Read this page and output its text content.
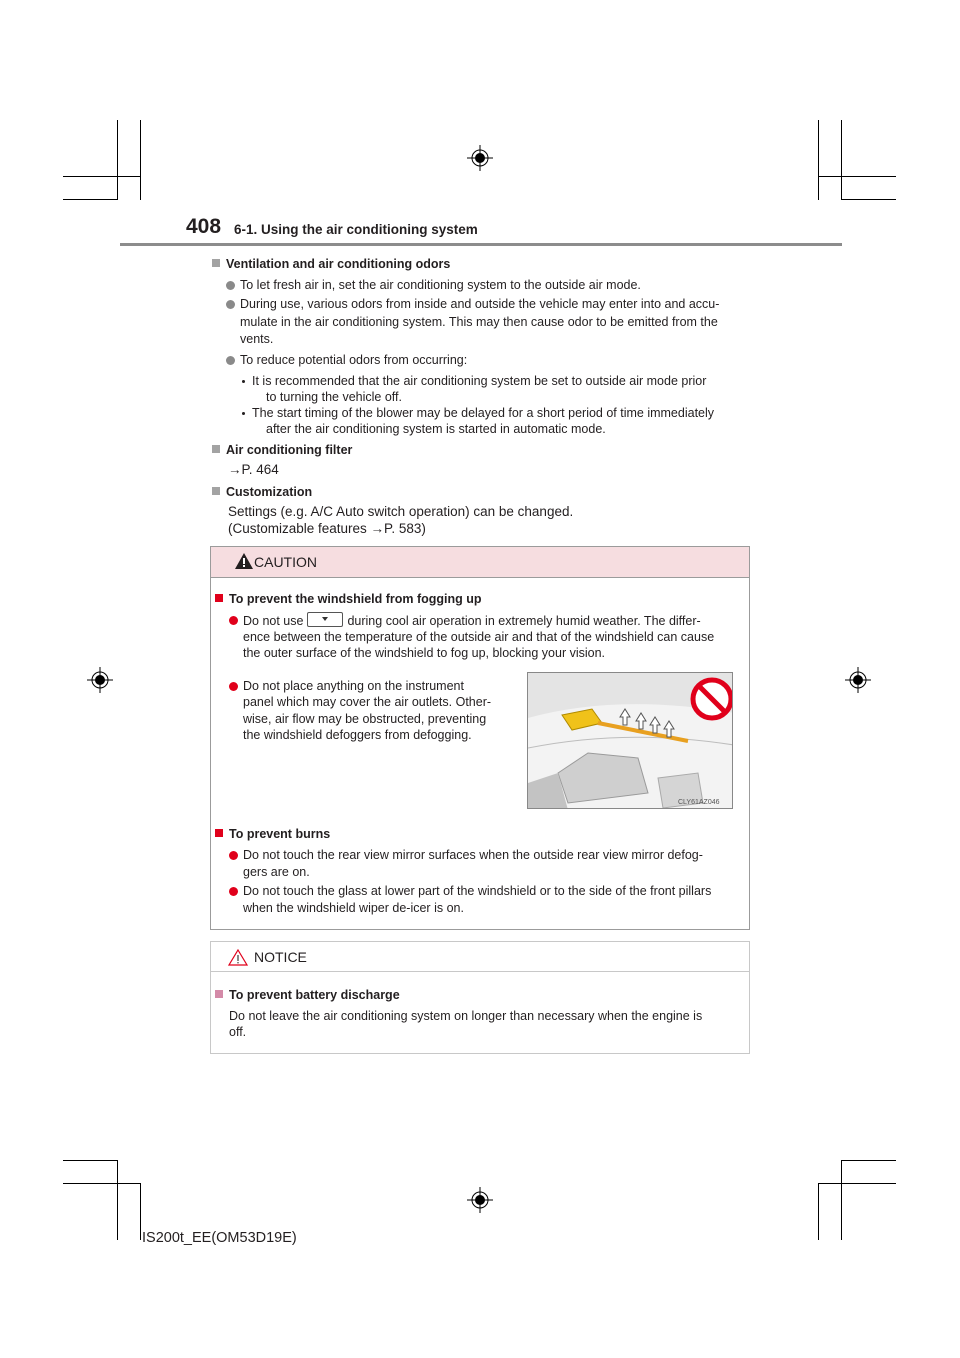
408 6-1. Using the air conditioning system
Ventilation and air conditioning odors
To let fresh air in, set the air conditioning system to the outside air mode.
During use, various odors from inside and outside the vehicle may enter into and accu-
mulate in the air conditioning system. This may then cause odor to be emitted from the
vents.
To reduce potential odors from occurring:
It is recommended that the air conditioning system be set to outside air mode prior
to turning the vehicle off.
The start timing of the blower may be delayed for a short period of time immediately
after the air conditioning system is started in automatic mode.
Air conditioning filter
→P. 464
Customization
Settings (e.g. A/C Auto switch operation) can be changed.
(Customizable features →P. 583)
CAUTION
To prevent the windshield from fogging up
Do not use	during cool air operation in extremely humid weather. The differ-
ence between the temperature of the outside air and that of the windshield can cause
the outer surface of the windshield to fog up, blocking your vision.
Do not place anything on the instrument
panel which may cover the air outlets. Other-
wise, air flow may be obstructed, preventing
the windshield defoggers from defogging.
To prevent burns
Do not touch the rear view mirror surfaces when the outside rear view mirror defog-
gers are on.
Do not touch the glass at lower part of the windshield or to the side of the front pillars
when the windshield wiper de-icer is on.
CLY61AZ046
NOTICE
To prevent battery discharge
Do not leave the air conditioning system on longer than necessary when the engine is
off.
IS200t_EE(OM53D19E)
